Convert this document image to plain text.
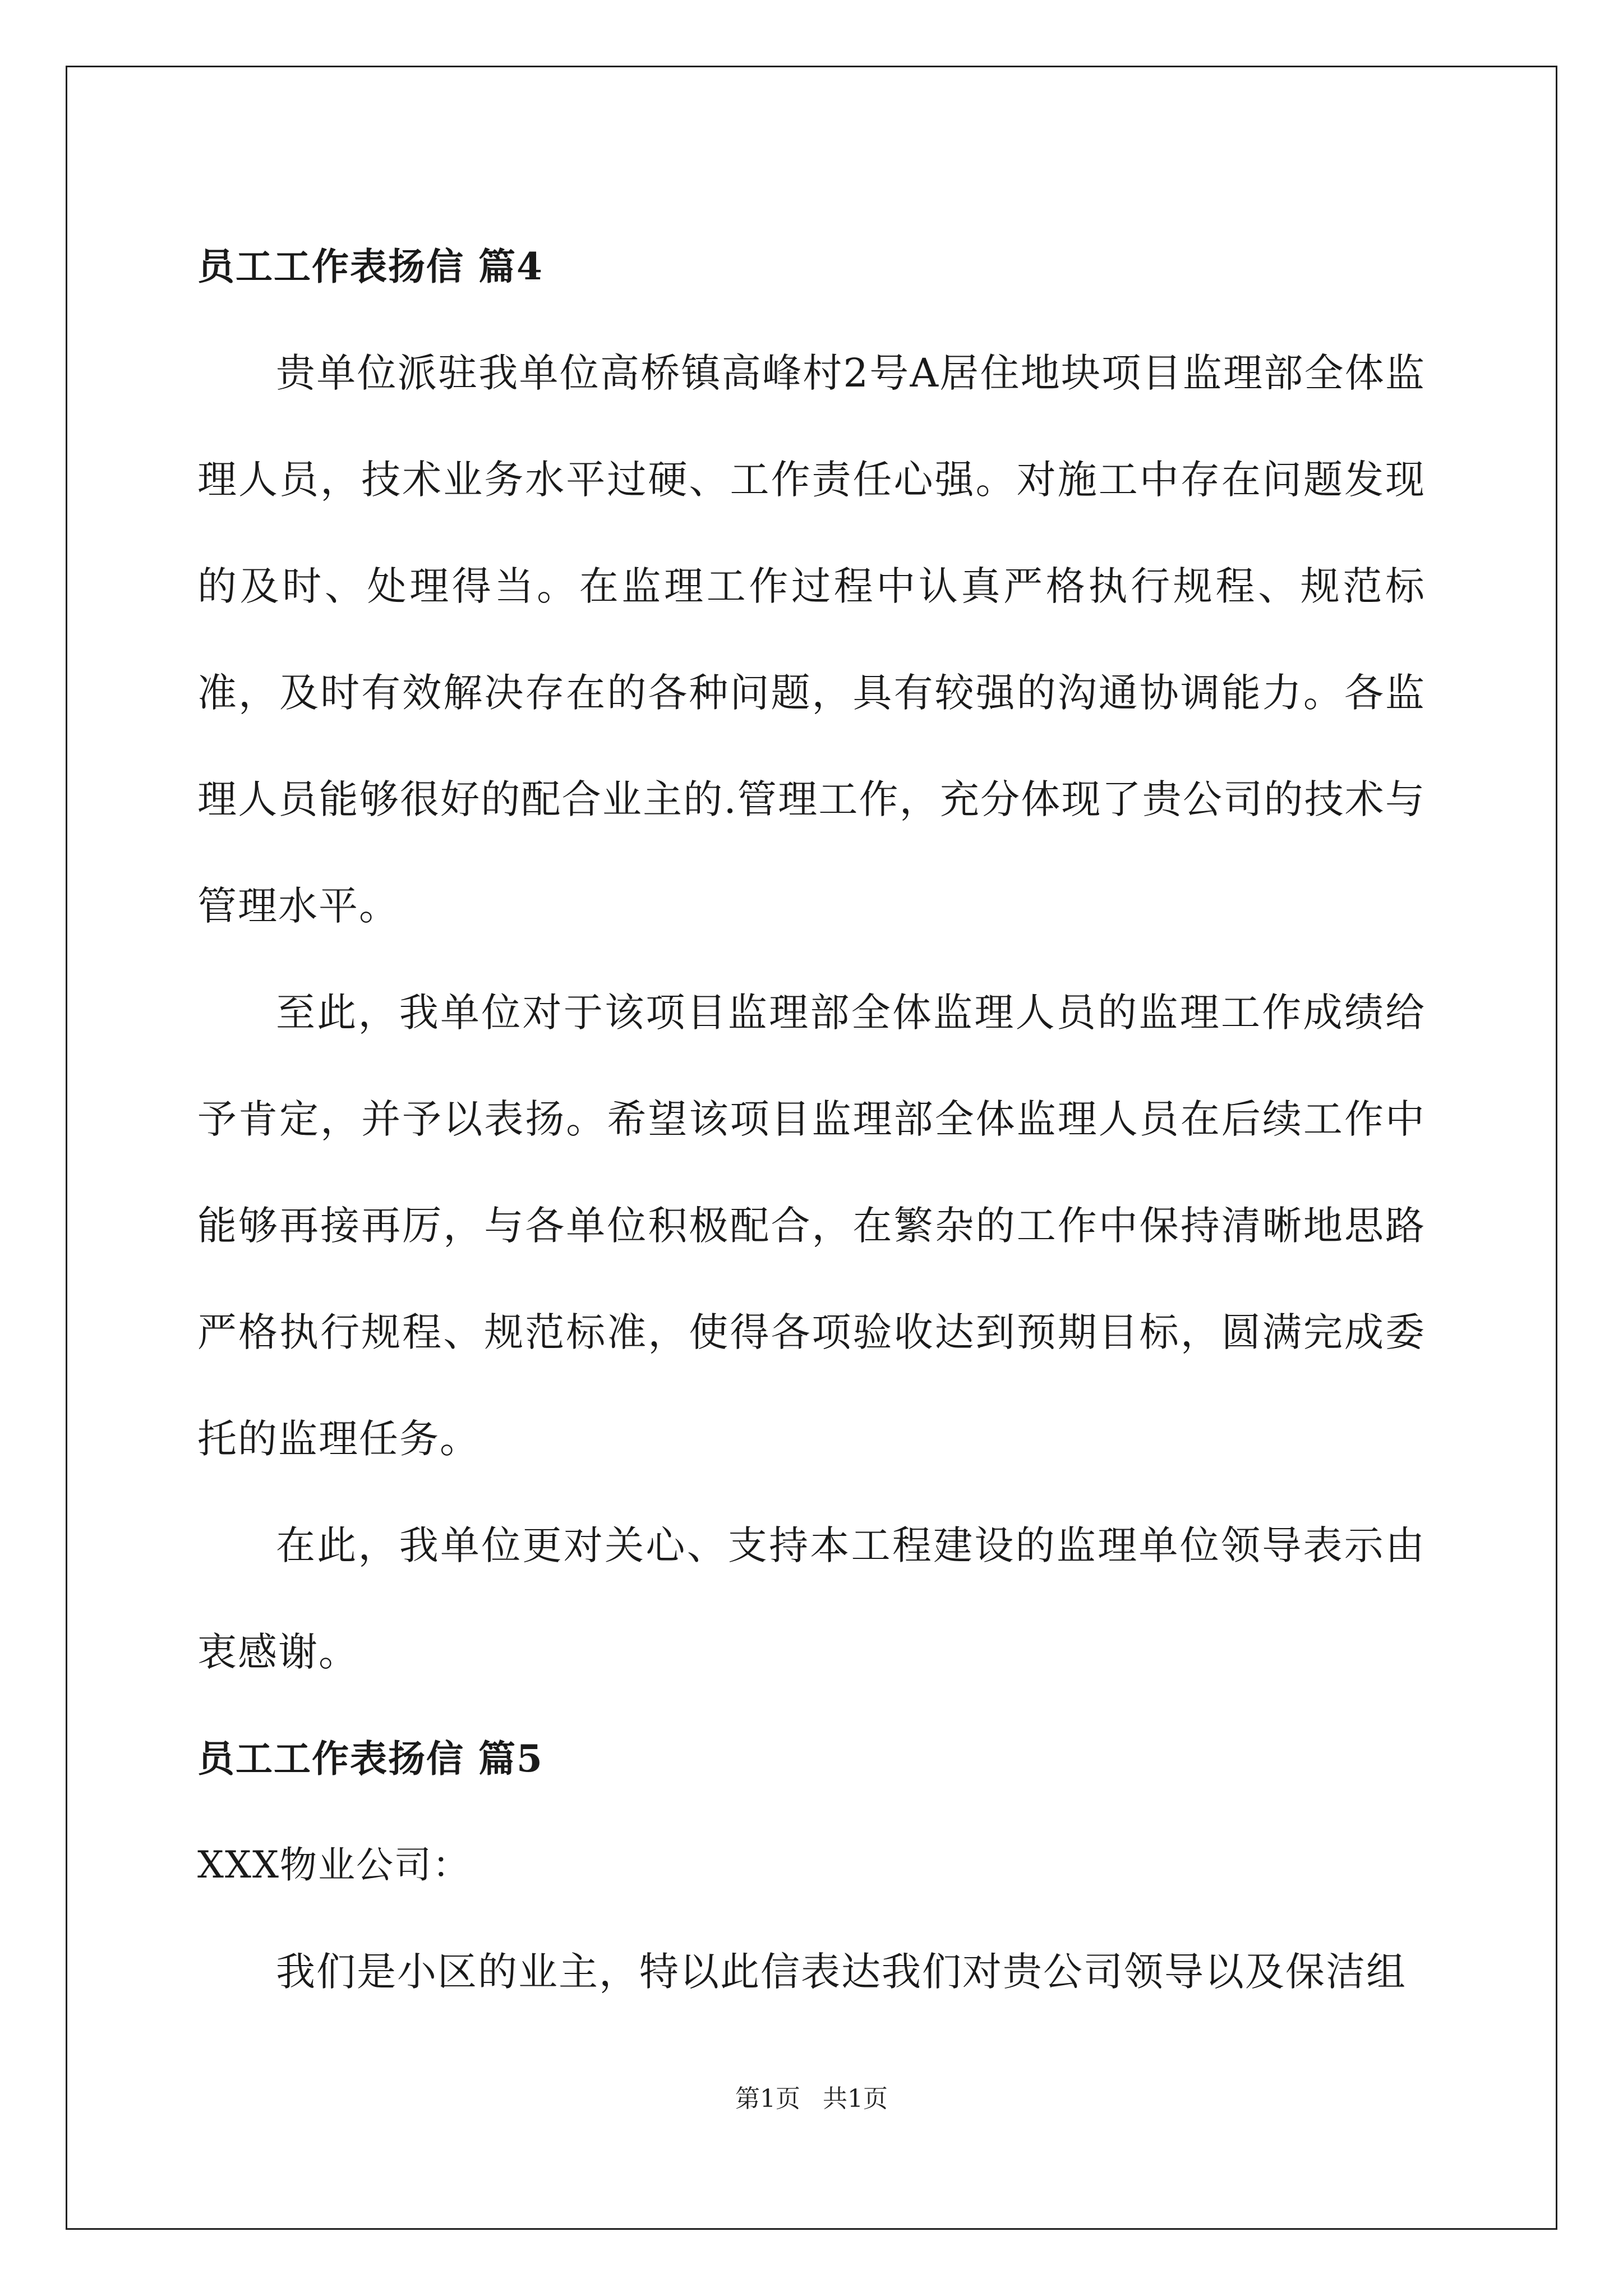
员工工作表扬信 篇4

贵单位派驻我单位高桥镇高峰村2号A居住地块项目监理部全体监理人员，技术业务水平过硬、工作责任心强。对施工中存在问题发现的及时、处理得当。在监理工作过程中认真严格执行规程、规范标准，及时有效解决存在的各种问题，具有较强的沟通协调能力。各监理人员能够很好的配合业主的.管理工作，充分体现了贵公司的技术与管理水平。

至此，我单位对于该项目监理部全体监理人员的监理工作成绩给予肯定，并予以表扬。希望该项目监理部全体监理人员在后续工作中能够再接再厉，与各单位积极配合，在繁杂的工作中保持清晰地思路严格执行规程、规范标准，使得各项验收达到预期目标，圆满完成委托的监理任务。

在此，我单位更对关心、支持本工程建设的监理单位领导表示由衷感谢。

员工工作表扬信 篇5

XXX物业公司：

我们是小区的业主，特以此信表达我们对贵公司领导以及保洁组

第1页 共1页
